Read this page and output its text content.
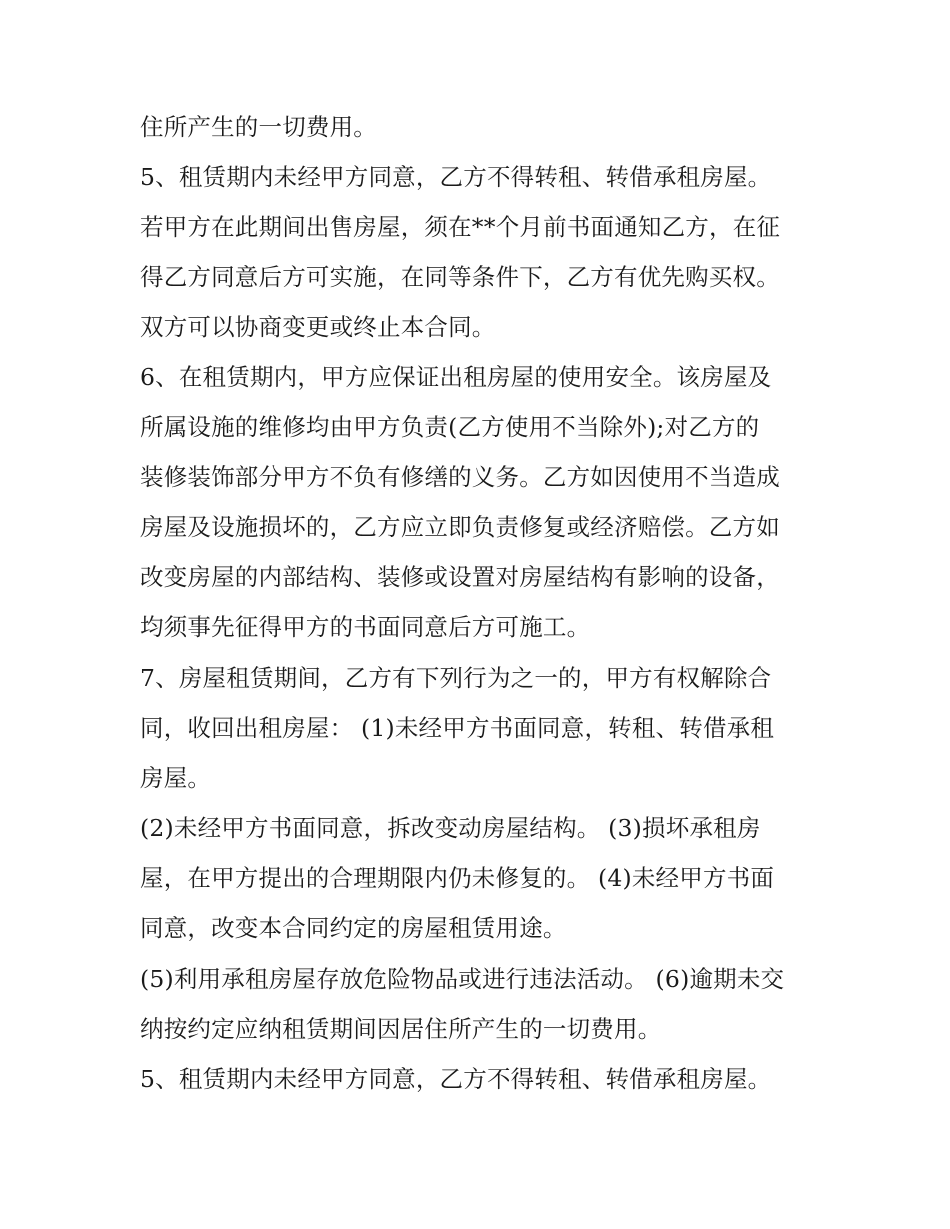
住所产生的一切费用。
5、租赁期内未经甲方同意，乙方不得转租、转借承租房屋。
若甲方在此期间出售房屋，须在**个月前书面通知乙方，在征
得乙方同意后方可实施，在同等条件下，乙方有优先购买权。
双方可以协商变更或终止本合同。
6、在租赁期内，甲方应保证出租房屋的使用安全。该房屋及
所属设施的维修均由甲方负责(乙方使用不当除外);对乙方的
装修装饰部分甲方不负有修缮的义务。乙方如因使用不当造成
房屋及设施损坏的，乙方应立即负责修复或经济赔偿。乙方如
改变房屋的内部结构、装修或设置对房屋结构有影响的设备，
均须事先征得甲方的书面同意后方可施工。
7、房屋租赁期间，乙方有下列行为之一的，甲方有权解除合
同，收回出租房屋： (1)未经甲方书面同意，转租、转借承租
房屋。
(2)未经甲方书面同意，拆改变动房屋结构。 (3)损坏承租房
屋，在甲方提出的合理期限内仍未修复的。 (4)未经甲方书面
同意，改变本合同约定的房屋租赁用途。
(5)利用承租房屋存放危险物品或进行违法活动。 (6)逾期未交
纳按约定应纳租赁期间因居住所产生的一切费用。
5、租赁期内未经甲方同意，乙方不得转租、转借承租房屋。
